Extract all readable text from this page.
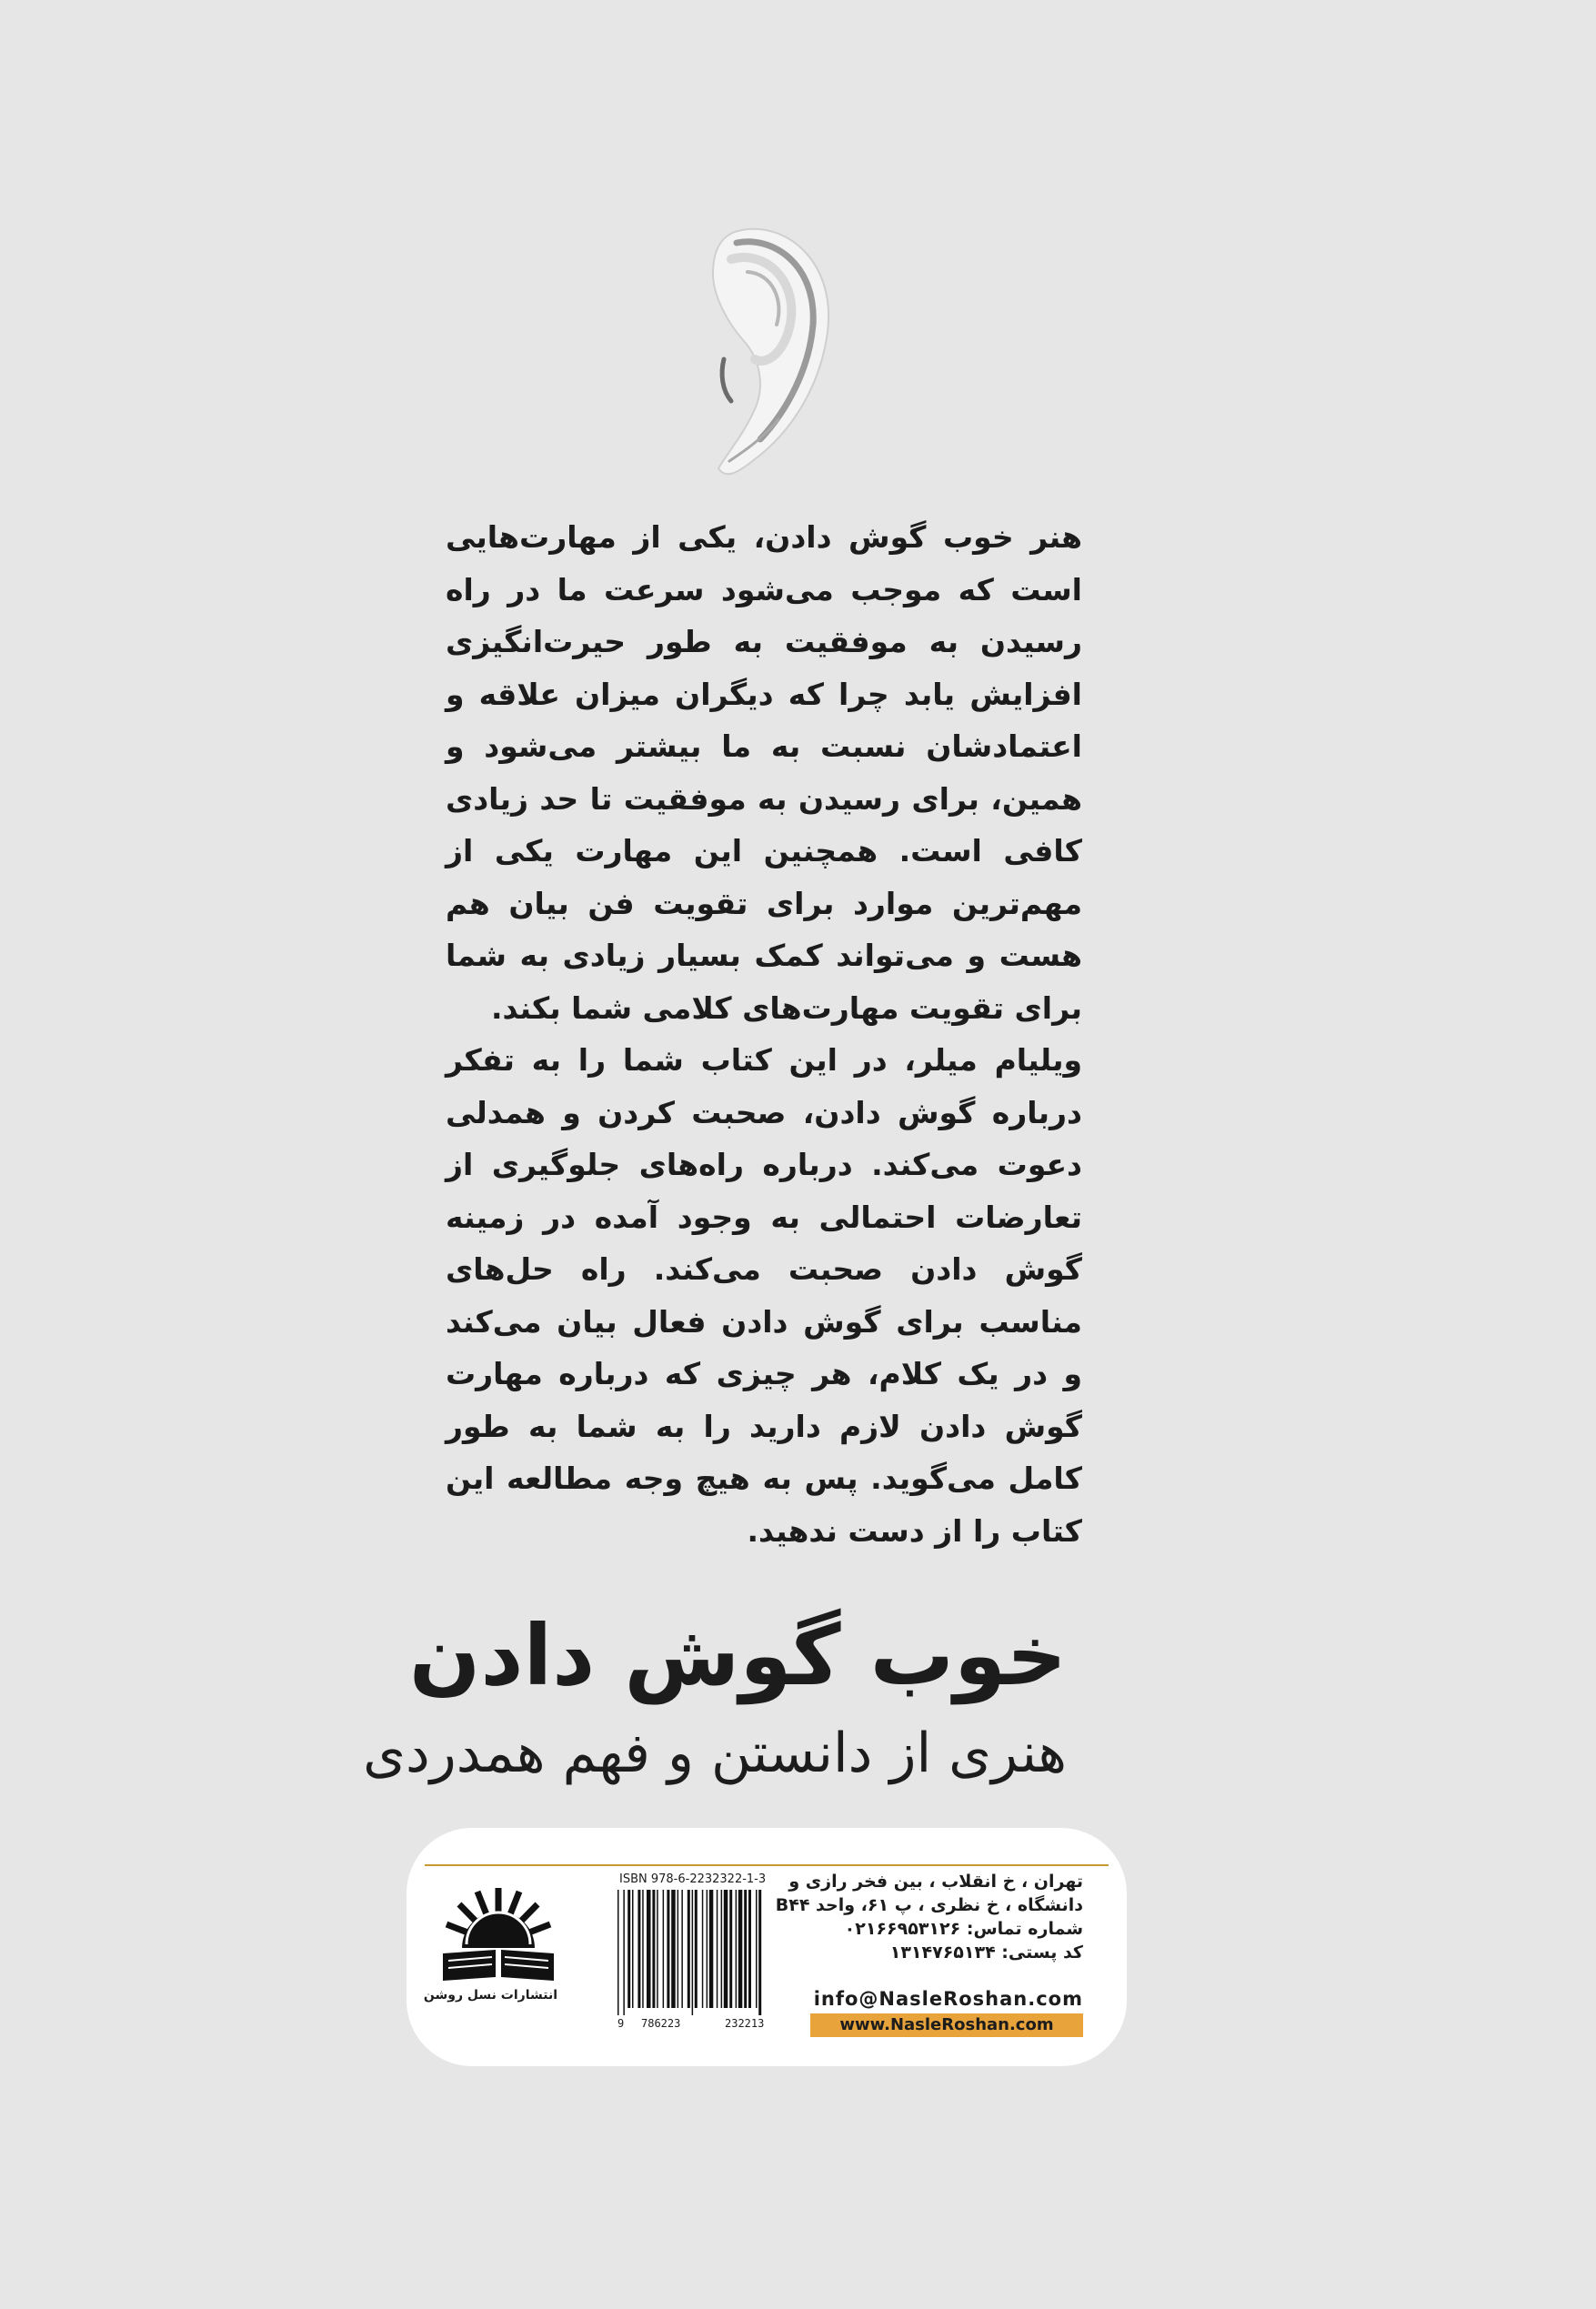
هنر خوب گوش دادن، یکی از مهارت‌هایی است که موجب می‌شود سرعت ما در راه رسیدن به موفقیت به طور حیرت‌انگیزی افزایش یابد چرا که دیگران میزان علاقه و اعتمادشان نسبت به ما بیشتر می‌شود و همین، برای رسیدن به موفقیت تا حد زیادی کافی است. همچنین این مهارت یکی از مهم‌ترین موارد برای تقویت فن بیان هم هست و می‌تواند کمک بسیار زیادی به شما برای تقویت مهارت‌های کلامی شما بکند.

ویلیام میلر، در این کتاب شما را به تفکر درباره گوش دادن، صحبت کردن و همدلی دعوت می‌کند. درباره راه‌های جلوگیری از تعارضات احتمالی به وجود آمده در زمینه گوش دادن صحبت می‌کند. راه حل‌های مناسب برای گوش دادن فعال بیان می‌کند و در یک کلام، هر چیزی که درباره مهارت گوش دادن لازم دارید را به شما به طور کامل می‌گوید. پس به هیچ وجه مطالعه این کتاب را از دست ندهید.

خوب گوش دادن
هنری از دانستن و فهم همدردی
انتشارات نسل روشن
ISBN 978-6-2232322-1-3
9 786223	232213
تهران ، خ انقلاب ، بین فخر رازی و
دانشگاه ، خ نظری ، پ ۶۱، واحد B۴۴
شماره تماس: ۰۲۱۶۶۹۵۳۱۲۶
کد پستی: ۱۳۱۴۷۶۵۱۳۴
info@NasleRoshan.com
www.NasleRoshan.com
